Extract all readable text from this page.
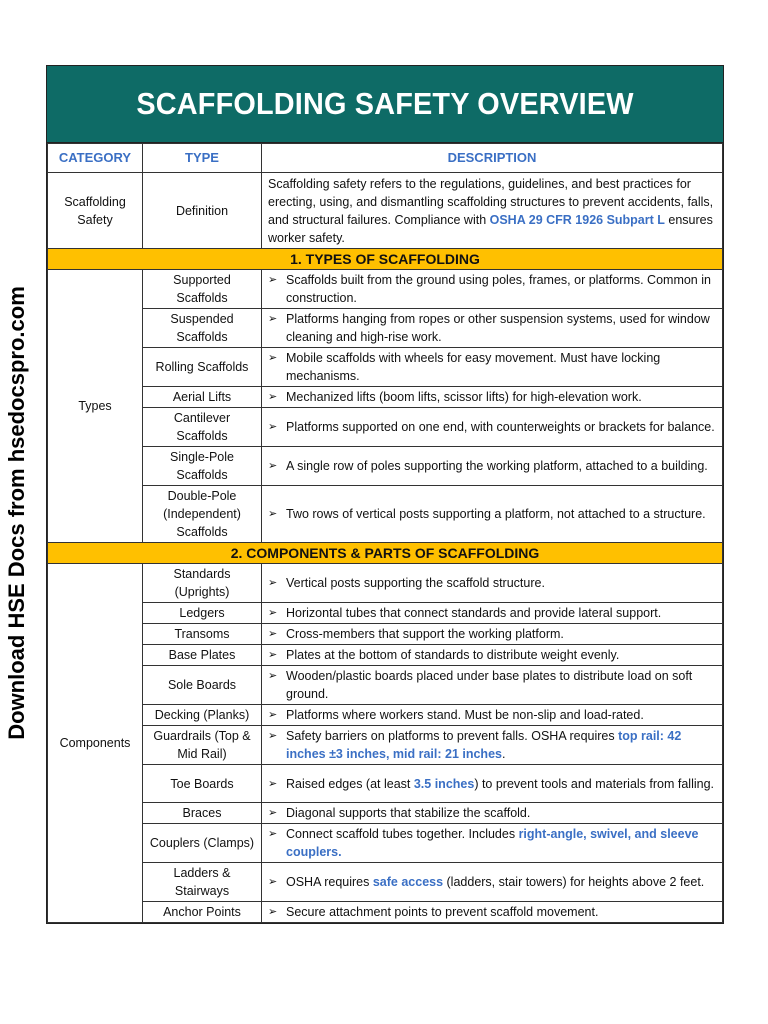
Download HSE Docs from hsedocspro.com
SCAFFOLDING SAFETY OVERVIEW
CATEGORY	TYPE	DESCRIPTION
Scaffolding Safety	Definition	Scaffolding safety refers to the regulations, guidelines, and best practices for erecting, using, and dismantling scaffolding structures to prevent accidents, falls, and structural failures. Compliance with OSHA 29 CFR 1926 Subpart L ensures worker safety.
1. TYPES OF SCAFFOLDING		
Types	Supported Scaffolds	➢ Scaffolds built from the ground using poles, frames, or platforms. Common in construction.

	Suspended Scaffolds	➢ Platforms hanging from ropes or other suspension systems, used for window cleaning and high-rise work.

	Rolling Scaffolds	➢ Mobile scaffolds with wheels for easy movement. Must have locking mechanisms.

	Aerial Lifts	➢ Mechanized lifts (boom lifts, scissor lifts) for high-elevation work.

	Cantilever Scaffolds	➢ Platforms supported on one end, with counterweights or brackets for balance.

	Single-Pole Scaffolds	➢ A single row of poles supporting the working platform, attached to a building.

	Double-Pole (Independent) Scaffolds	➢ Two rows of vertical posts supporting a platform, not attached to a structure.

2. COMPONENTS & PARTS OF SCAFFOLDING		
Components	Standards (Uprights)	➢ Vertical posts supporting the scaffold structure.

	Ledgers	➢ Horizontal tubes that connect standards and provide lateral support.

	Transoms	➢ Cross-members that support the working platform.

	Base Plates	➢ Plates at the bottom of standards to distribute weight evenly.

	Sole Boards	➢ Wooden/plastic boards placed under base plates to distribute load on soft ground.

	Decking (Planks)	➢ Platforms where workers stand. Must be non-slip and load-rated.

	Guardrails (Top & Mid Rail)	➢ Safety barriers on platforms to prevent falls. OSHA requires top rail: 42 inches ±3 inches, mid rail: 21 inches.

	Toe Boards	➢ Raised edges (at least 3.5 inches) to prevent tools and materials from falling.

	Braces	➢ Diagonal supports that stabilize the scaffold.

	Couplers (Clamps)	➢ Connect scaffold tubes together. Includes right-angle, swivel, and sleeve couplers.

	Ladders & Stairways	➢ OSHA requires safe access (ladders, stair towers) for heights above 2 feet.

	Anchor Points	➢ Secure attachment points to prevent scaffold movement.
